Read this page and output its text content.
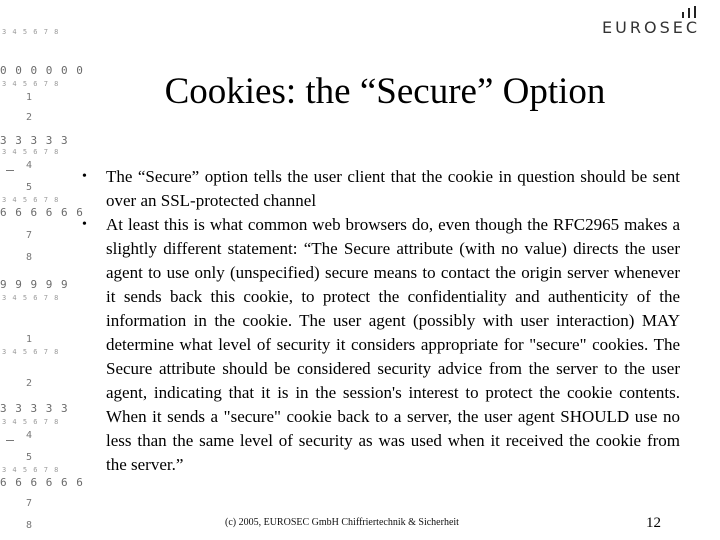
3 4 5 6 7 8
0 0 0 0 0 0
3 4 5 6 7 8
1
2
3 3 3 3 3
3 4 5 6 7 8
4
5
3 4 5 6 7 8
6 6 6 6 6 6
7
8
9 9 9 9 9
3 4 5 6 7 8
1
3 4 5 6 7 8
2
3 3 3 3 3
3 4 5 6 7 8
4
5
3 4 5 6 7 8
6 6 6 6 6 6
7
8
EUROSEC
Cookies: the “Secure” Option
• The “Secure” option tells the user client that the cookie in question should be sent over an SSL-protected channel
• At least this is what common web browsers do, even though the RFC2965 makes a slightly different statement: “The Secure attribute (with no value) directs the user agent to use only (unspecified) secure means to contact the origin server whenever it sends back this cookie, to protect the confidentiality and authenticity of the information in the cookie. The user agent (possibly with user interaction) MAY determine what level of security it considers appropriate for "secure" cookies. The Secure attribute should be considered security advice from the server to the user agent, indicating that it is in the session's interest to protect the cookie contents. When it sends a "secure" cookie back to a server, the user agent SHOULD use no less than the same level of security as was used when it received the cookie from the server.”
(c) 2005, EUROSEC GmbH Chiffriertechnik & Sicherheit	12
